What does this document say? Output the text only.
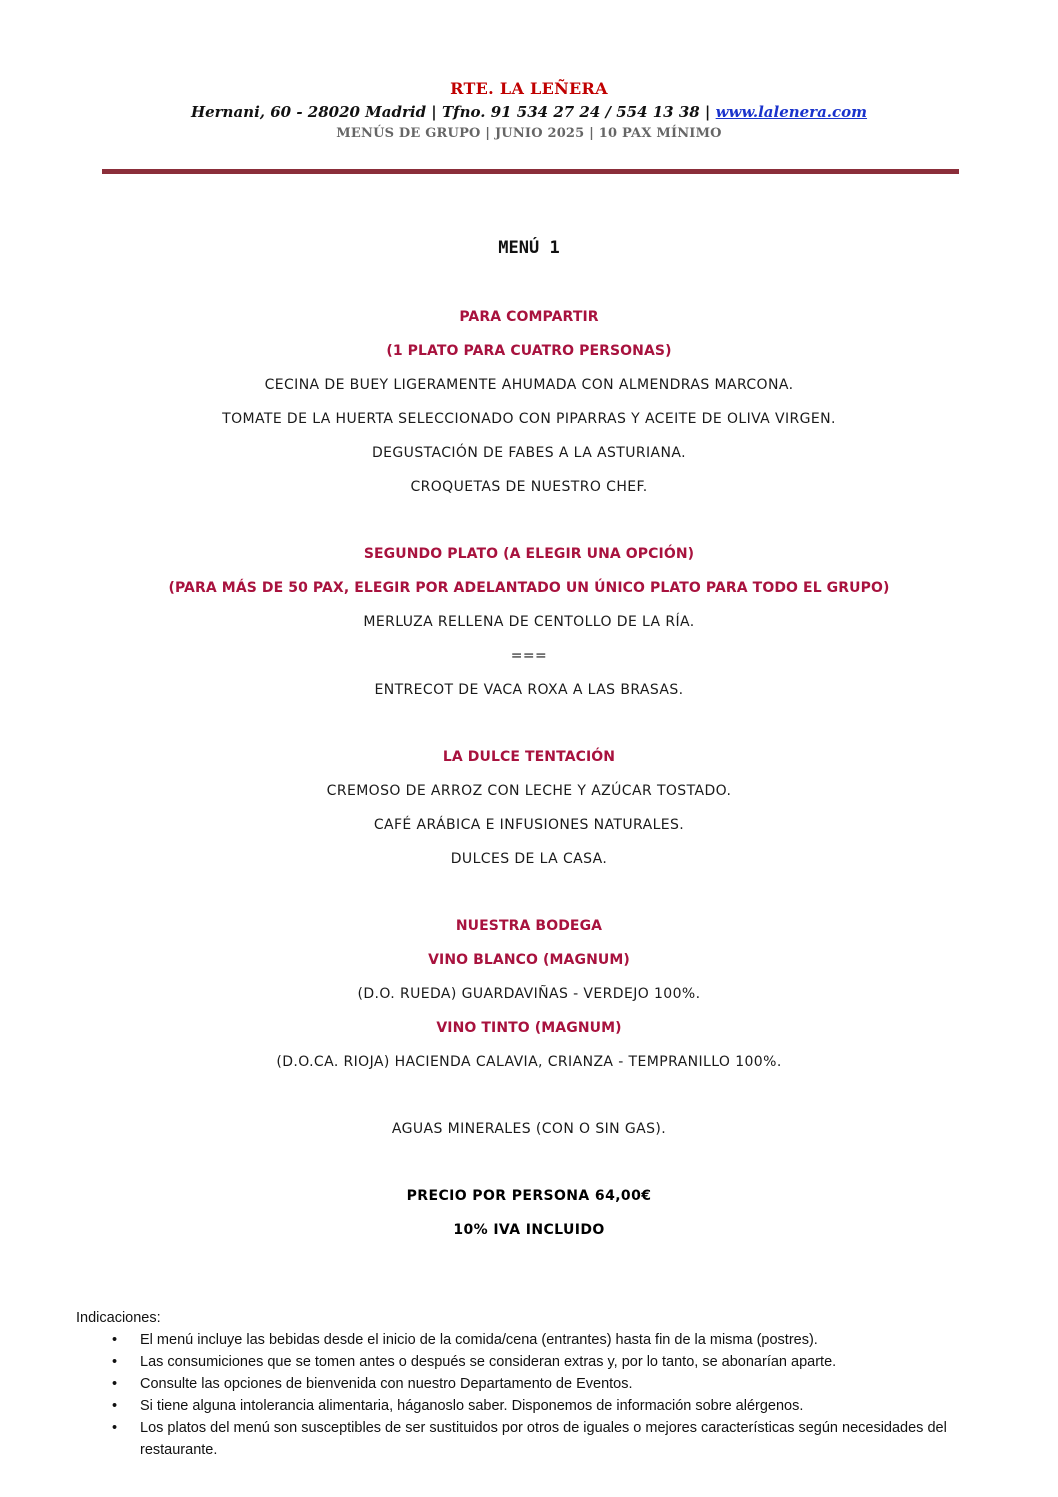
RTE. LA LEÑERA
Hernani, 60 - 28020 Madrid | Tfno. 91 534 27 24 / 554 13 38 | www.lalenera.com
MENÚS DE GRUPO | JUNIO 2025 | 10 PAX MÍNIMO
MENÚ 1
PARA COMPARTIR
(1 PLATO PARA CUATRO PERSONAS)
CECINA DE BUEY LIGERAMENTE AHUMADA CON ALMENDRAS MARCONA.
TOMATE DE LA HUERTA SELECCIONADO CON PIPARRAS Y ACEITE DE OLIVA VIRGEN.
DEGUSTACIÓN DE FABES A LA ASTURIANA.
CROQUETAS DE NUESTRO CHEF.
SEGUNDO PLATO (A ELEGIR UNA OPCIÓN)
(PARA MÁS DE 50 PAX, ELEGIR POR ADELANTADO UN ÚNICO PLATO PARA TODO EL GRUPO)
MERLUZA RELLENA DE CENTOLLO DE LA RÍA.
===
ENTRECOT DE VACA ROXA A LAS BRASAS.
LA DULCE TENTACIÓN
CREMOSO DE ARROZ CON LECHE Y AZÚCAR TOSTADO.
CAFÉ ARÁBICA E INFUSIONES NATURALES.
DULCES DE LA CASA.
NUESTRA BODEGA
VINO BLANCO (MAGNUM)
(D.O. RUEDA) GUARDAVIÑAS - VERDEJO 100%.
VINO TINTO (MAGNUM)
(D.O.CA. RIOJA) HACIENDA CALAVIA, CRIANZA - TEMPRANILLO 100%.
AGUAS MINERALES (CON O SIN GAS).
PRECIO POR PERSONA 64,00€
10% IVA INCLUIDO
Indicaciones:
• El menú incluye las bebidas desde el inicio de la comida/cena (entrantes) hasta fin de la misma (postres).
• Las consumiciones que se tomen antes o después se consideran extras y, por lo tanto, se abonarían aparte.
• Consulte las opciones de bienvenida con nuestro Departamento de Eventos.
• Si tiene alguna intolerancia alimentaria, háganoslo saber. Disponemos de información sobre alérgenos.
• Los platos del menú son susceptibles de ser sustituidos por otros de iguales o mejores características según necesidades del restaurante.
